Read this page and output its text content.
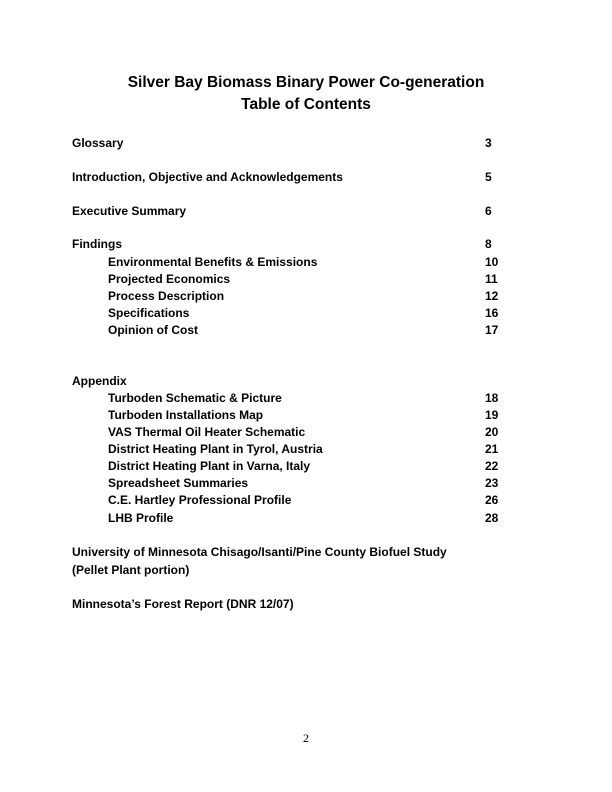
Silver Bay Biomass Binary Power Co-generation
Table of Contents
Glossary	3
Introduction, Objective and Acknowledgements	5
Executive Summary	6
Findings	8
Environmental Benefits & Emissions	10
Projected Economics	11
Process Description	12
Specifications	16
Opinion of Cost	17
Appendix
Turboden Schematic & Picture	18
Turboden Installations Map	19
VAS Thermal Oil Heater Schematic	20
District Heating Plant in Tyrol, Austria	21
District Heating Plant in Varna, Italy	22
Spreadsheet Summaries	23
C.E. Hartley Professional Profile	26
LHB Profile	28
University of Minnesota Chisago/Isanti/Pine County Biofuel Study
(Pellet Plant portion)
Minnesota’s Forest Report (DNR 12/07)
2
